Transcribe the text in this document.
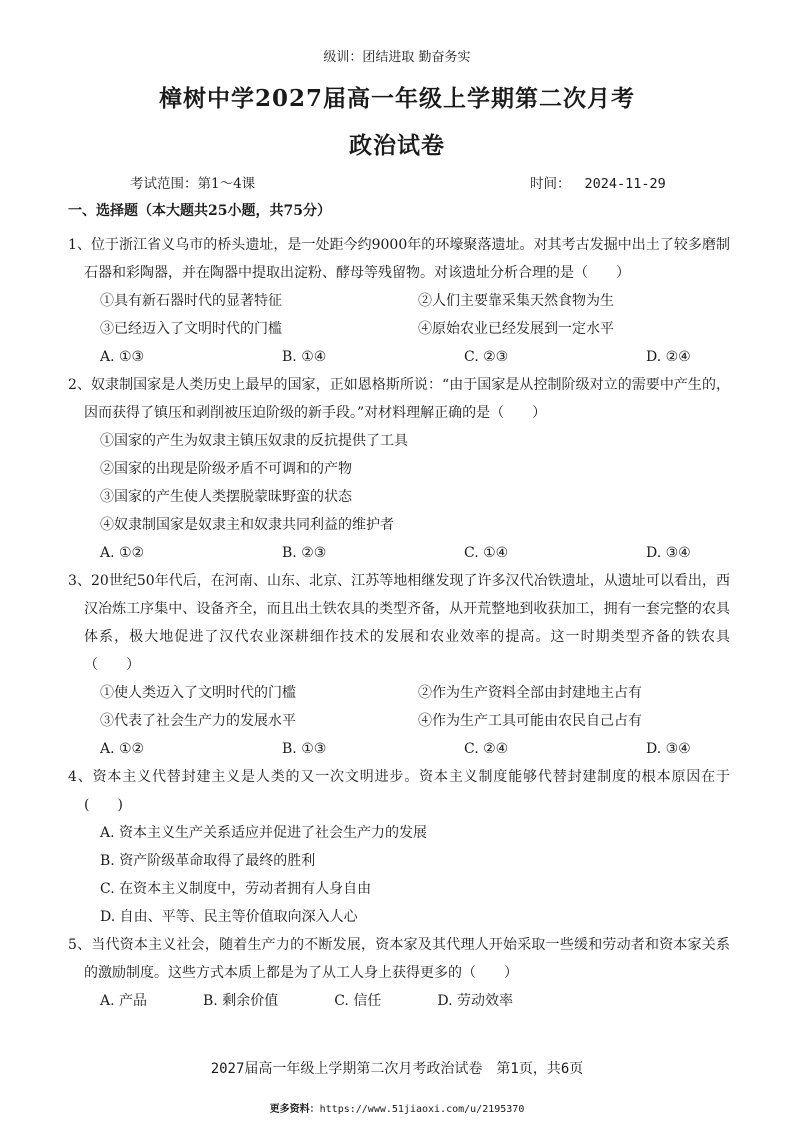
级训：团结进取 勤奋务实
樟树中学2027届高一年级上学期第二次月考
政治试卷
考试范围：第1～4课	时间： 2024-11-29
一、选择题（本大题共25小题，共75分）

1、位于浙江省义乌市的桥头遗址，是一处距今约9000年的环壕聚落遗址。对其考古发掘中出土了较多磨制石器和彩陶器，并在陶器中提取出淀粉、酵母等残留物。对该遗址分析合理的是（　　）

①具有新石器时代的显著特征	②人们主要靠采集天然食物为生
③已经迈入了文明时代的门槛	④原始农业已经发展到一定水平
A. ①③	B. ①④	C. ②③	D. ②④

2、奴隶制国家是人类历史上最早的国家，正如恩格斯所说：“由于国家是从控制阶级对立的需要中产生的，因而获得了镇压和剥削被压迫阶级的新手段。”对材料理解正确的是（　　）

①国家的产生为奴隶主镇压奴隶的反抗提供了工具

②国家的出现是阶级矛盾不可调和的产物

③国家的产生使人类摆脱蒙昧野蛮的状态

④奴隶制国家是奴隶主和奴隶共同利益的维护者

A. ①②	B. ②③	C. ①④	D. ③④

3、20世纪50年代后，在河南、山东、北京、江苏等地相继发现了许多汉代冶铁遗址，从遗址可以看出，西汉冶炼工序集中、设备齐全，而且出土铁农具的类型齐备，从开荒整地到收获加工，拥有一套完整的农具体系，极大地促进了汉代农业深耕细作技术的发展和农业效率的提高。这一时期类型齐备的铁农具（　　）

①使人类迈入了文明时代的门槛	②作为生产资料全部由封建地主占有
③代表了社会生产力的发展水平	④作为生产工具可能由农民自己占有
A. ①②	B. ①③	C. ②④	D. ③④

4、资本主义代替封建主义是人类的又一次文明进步。资本主义制度能够代替封建制度的根本原因在于(　　)

A. 资本主义生产关系适应并促进了社会生产力的发展

B. 资产阶级革命取得了最终的胜利

C. 在资本主义制度中，劳动者拥有人身自由

D. 自由、平等、民主等价值取向深入人心

5、当代资本主义社会，随着生产力的不断发展，资本家及其代理人开始采取一些缓和劳动者和资本家关系的激励制度。这些方式本质上都是为了从工人身上获得更多的（　　）

A. 产品	B. 剩余价值	C. 信任	D. 劳动效率
2027届高一年级上学期第二次月考政治试卷　第1页，共6页
更多资料：https://www.51jiaoxi.com/u/2195370
